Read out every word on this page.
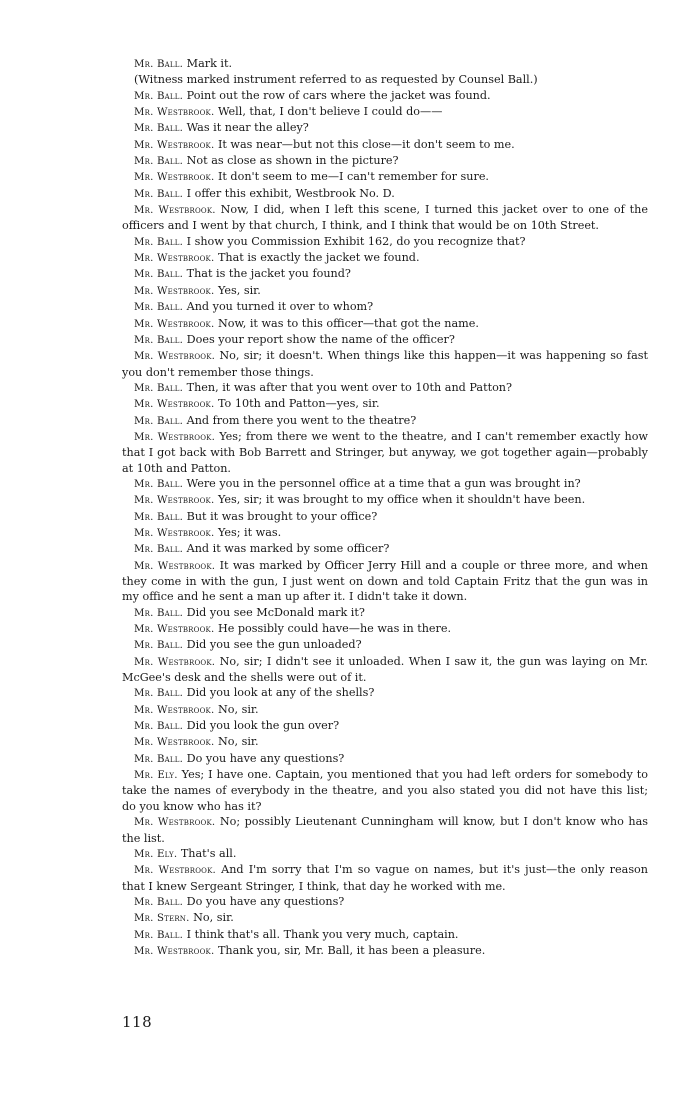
Mr. Ball. Mark it.

(Witness marked instrument referred to as requested by Counsel Ball.)

Mr. Ball. Point out the row of cars where the jacket was found.

Mr. Westbrook. Well, that, I don't believe I could do——

Mr. Ball. Was it near the alley?

Mr. Westbrook. It was near—but not this close—it don't seem to me.

Mr. Ball. Not as close as shown in the picture?

Mr. Westbrook. It don't seem to me—I can't remember for sure.

Mr. Ball. I offer this exhibit, Westbrook No. D.

Mr. Westbrook. Now, I did, when I left this scene, I turned this jacket over to one of the officers and I went by that church, I think, and I think that would be on 10th Street.

Mr. Ball. I show you Commission Exhibit 162, do you recognize that?

Mr. Westbrook. That is exactly the jacket we found.

Mr. Ball. That is the jacket you found?

Mr. Westbrook. Yes, sir.

Mr. Ball. And you turned it over to whom?

Mr. Westbrook. Now, it was to this officer—that got the name.

Mr. Ball. Does your report show the name of the officer?

Mr. Westbrook. No, sir; it doesn't. When things like this happen—it was happening so fast you don't remember those things.

Mr. Ball. Then, it was after that you went over to 10th and Patton?

Mr. Westbrook. To 10th and Patton—yes, sir.

Mr. Ball. And from there you went to the theatre?

Mr. Westbrook. Yes; from there we went to the theatre, and I can't remember exactly how that I got back with Bob Barrett and Stringer, but anyway, we got together again—probably at 10th and Patton.

Mr. Ball. Were you in the personnel office at a time that a gun was brought in?

Mr. Westbrook. Yes, sir; it was brought to my office when it shouldn't have been.

Mr. Ball. But it was brought to your office?

Mr. Westbrook. Yes; it was.

Mr. Ball. And it was marked by some officer?

Mr. Westbrook. It was marked by Officer Jerry Hill and a couple or three more, and when they come in with the gun, I just went on down and told Captain Fritz that the gun was in my office and he sent a man up after it. I didn't take it down.

Mr. Ball. Did you see McDonald mark it?

Mr. Westbrook. He possibly could have—he was in there.

Mr. Ball. Did you see the gun unloaded?

Mr. Westbrook. No, sir; I didn't see it unloaded. When I saw it, the gun was laying on Mr. McGee's desk and the shells were out of it.

Mr. Ball. Did you look at any of the shells?

Mr. Westbrook. No, sir.

Mr. Ball. Did you look the gun over?

Mr. Westbrook. No, sir.

Mr. Ball. Do you have any questions?

Mr. Ely. Yes; I have one. Captain, you mentioned that you had left orders for somebody to take the names of everybody in the theatre, and you also stated you did not have this list; do you know who has it?

Mr. Westbrook. No; possibly Lieutenant Cunningham will know, but I don't know who has the list.

Mr. Ely. That's all.

Mr. Westbrook. And I'm sorry that I'm so vague on names, but it's just—the only reason that I knew Sergeant Stringer, I think, that day he worked with me.

Mr. Ball. Do you have any questions?

Mr. Stern. No, sir.

Mr. Ball. I think that's all. Thank you very much, captain.

Mr. Westbrook. Thank you, sir, Mr. Ball, it has been a pleasure.

118
